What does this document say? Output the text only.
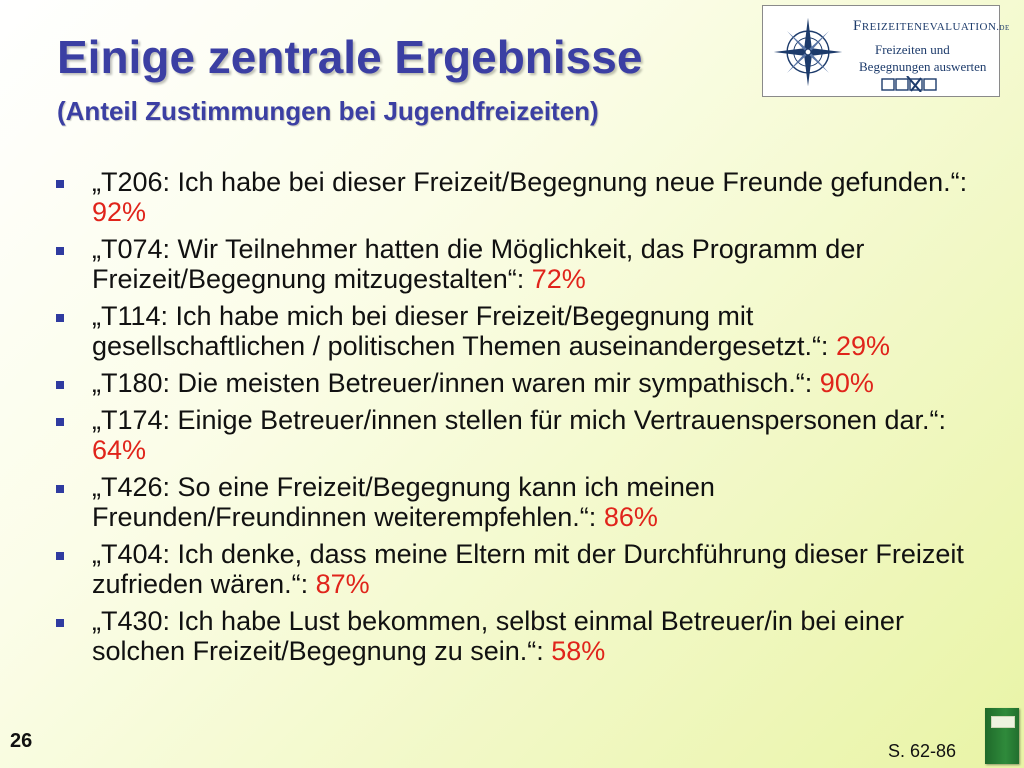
Einige zentrale Ergebnisse
(Anteil Zustimmungen bei Jugendfreizeiten)
Freizeitenevaluation.de
Freizeiten und
Begegnungen auswerten
„T206: Ich habe bei dieser Freizeit/Begegnung neue Freunde gefunden.“: 92%
„T074: Wir Teilnehmer hatten die Möglichkeit, das Programm der Freizeit/Begegnung mitzugestalten“: 72%
„T114: Ich habe mich bei dieser Freizeit/Begegnung mit gesellschaftlichen / politischen Themen auseinandergesetzt.“: 29%
„T180: Die meisten Betreuer/innen waren mir sympathisch.“: 90%
„T174: Einige Betreuer/innen stellen für mich Vertrauenspersonen dar.“: 64%
„T426: So eine Freizeit/Begegnung kann ich meinen Freunden/Freundinnen weiterempfehlen.“: 86%
„T404: Ich denke, dass meine Eltern mit der Durchführung dieser Freizeit zufrieden wären.“: 87%
„T430: Ich habe Lust bekommen, selbst einmal Betreuer/in bei einer solchen Freizeit/Begegnung zu sein.“: 58%
26	S. 62-86
